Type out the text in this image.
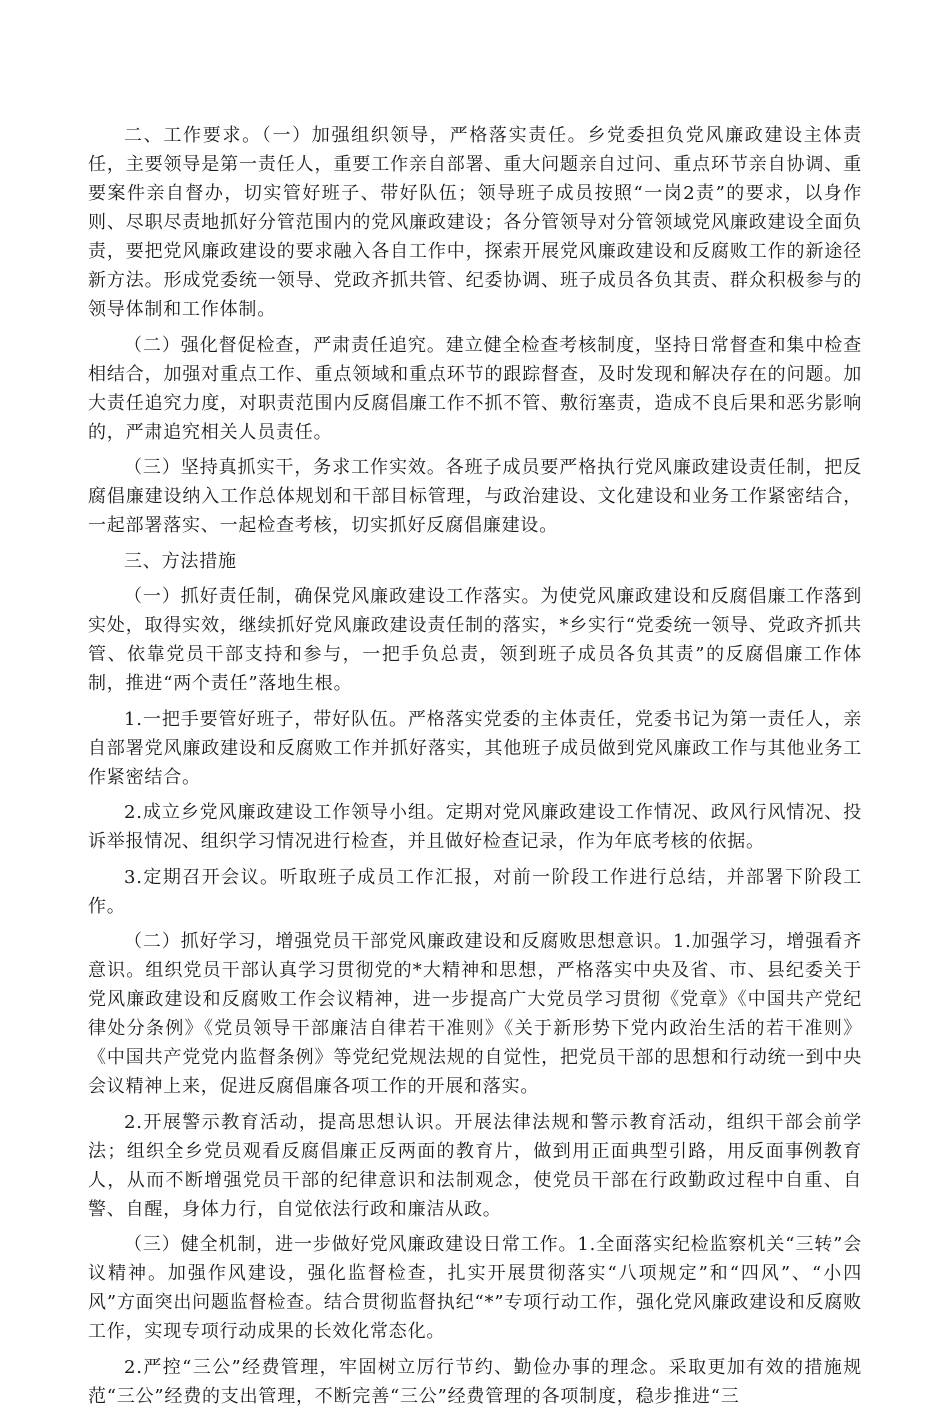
二、工作要求。（一）加强组织领导，严格落实责任。乡党委担负党风廉政建设主体责任，主要领导是第一责任人，重要工作亲自部署、重大问题亲自过问、重点环节亲自协调、重要案件亲自督办，切实管好班子、带好队伍；领导班子成员按照“一岗2责”的要求，以身作则、尽职尽责地抓好分管范围内的党风廉政建设；各分管领导对分管领域党风廉政建设全面负责，要把党风廉政建设的要求融入各自工作中，探索开展党风廉政建设和反腐败工作的新途径新方法。形成党委统一领导、党政齐抓共管、纪委协调、班子成员各负其责、群众积极参与的领导体制和工作体制。

（二）强化督促检查，严肃责任追究。建立健全检查考核制度，坚持日常督查和集中检查相结合，加强对重点工作、重点领域和重点环节的跟踪督查，及时发现和解决存在的问题。加大责任追究力度，对职责范围内反腐倡廉工作不抓不管、敷衍塞责，造成不良后果和恶劣影响的，严肃追究相关人员责任。

（三）坚持真抓实干，务求工作实效。各班子成员要严格执行党风廉政建设责任制，把反腐倡廉建设纳入工作总体规划和干部目标管理，与政治建设、文化建设和业务工作紧密结合，一起部署落实、一起检查考核，切实抓好反腐倡廉建设。

三、方法措施

（一）抓好责任制，确保党风廉政建设工作落实。为使党风廉政建设和反腐倡廉工作落到实处，取得实效，继续抓好党风廉政建设责任制的落实，*乡实行“党委统一领导、党政齐抓共管、依靠党员干部支持和参与，一把手负总责，领到班子成员各负其责”的反腐倡廉工作体制，推进“两个责任”落地生根。

1.一把手要管好班子，带好队伍。严格落实党委的主体责任，党委书记为第一责任人，亲自部署党风廉政建设和反腐败工作并抓好落实，其他班子成员做到党风廉政工作与其他业务工作紧密结合。

2.成立乡党风廉政建设工作领导小组。定期对党风廉政建设工作情况、政风行风情况、投诉举报情况、组织学习情况进行检查，并且做好检查记录，作为年底考核的依据。

3.定期召开会议。听取班子成员工作汇报，对前一阶段工作进行总结，并部署下阶段工作。

（二）抓好学习，增强党员干部党风廉政建设和反腐败思想意识。1.加强学习，增强看齐意识。组织党员干部认真学习贯彻党的*大精神和思想，严格落实中央及省、市、县纪委关于党风廉政建设和反腐败工作会议精神，进一步提高广大党员学习贯彻《党章》《中国共产党纪律处分条例》《党员领导干部廉洁自律若干准则》《关于新形势下党内政治生活的若干准则》《中国共产党党内监督条例》等党纪党规法规的自觉性，把党员干部的思想和行动统一到中央会议精神上来，促进反腐倡廉各项工作的开展和落实。

2.开展警示教育活动，提高思想认识。开展法律法规和警示教育活动，组织干部会前学法；组织全乡党员观看反腐倡廉正反两面的教育片，做到用正面典型引路，用反面事例教育人，从而不断增强党员干部的纪律意识和法制观念，使党员干部在行政勤政过程中自重、自警、自醒，身体力行，自觉依法行政和廉洁从政。

（三）健全机制，进一步做好党风廉政建设日常工作。1.全面落实纪检监察机关“三转”会议精神。加强作风建设，强化监督检查，扎实开展贯彻落实“八项规定”和“四风”、“小四风”方面突出问题监督检查。结合贯彻监督执纪“*”专项行动工作，强化党风廉政建设和反腐败工作，实现专项行动成果的长效化常态化。

2.严控“三公”经费管理，牢固树立厉行节约、勤俭办事的理念。采取更加有效的措施规范“三公”经费的支出管理，不断完善“三公”经费管理的各项制度，稳步推进“三
